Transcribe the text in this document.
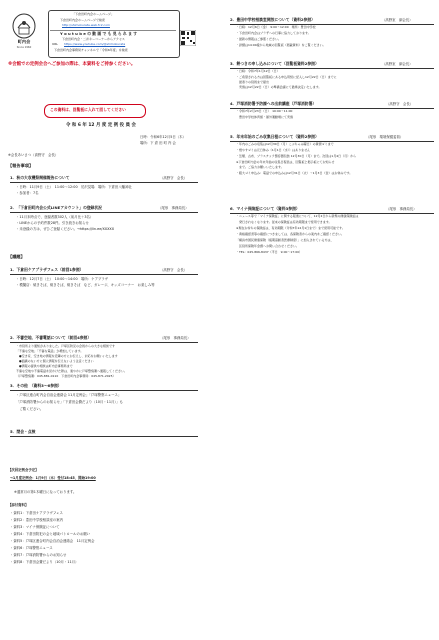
町内会
Since 1960
「下倉田町内会ホームページ」
下倉田町内会ホームページで検索
http://shimokurata.web.fc2.com
Y o u t u b e の 動 画 で も 見 ら れ ま す
下倉田町内会・二井キーコーナーからアクセス
URL https://www.youtube.com/@shimokurata
下倉田町内会事務局チャンネルで「令和6年度」を検索
※会館での定例会合へご参加の際は、本資料をご持参ください。
この資料は、回覧板に入れて回してください
令 和 6 年 12 月 度 定 例 役 員 会
日時：令和6年12月5日（木）
場所：下 倉 田 町 内 会
※会長あいさつ（高野守　会長）
【報告事項】
1．秋の大収穫祭開催報告について	（高野守　会長）
・日時：11月9日（土）　11:00〜12:00　於沢見場　場所：下倉田八幡神社
・参加者：7名
2．「下倉田町内会公式LINEアカウント」の登録状況	（尾形　事務局長）
・11月末時点で、登録者数302人（前月比＋3名）
・LINEからの予約件数28件。引き続きお知らせ
・未登録の方は、ぜひご登録ください。→https://lin.ee/XXXXX
【議題】
1．下倉田ケアプラザフェス（前回1参照）	（高野守　会長）
・日時：12月7日（土）　10:00〜14:00　場所：ケアプラザ
・模擬店：焼きそば、焼きそば、焼きそば　など、ガレージ、キッズコーナー　お楽しみ等
2．不審空地、不審電話について（前回4参照）	（尾形　事務局長）
・市役所より通知がありました。戸塚区防災の会員からの大きな相談です
「不審な空地」「不審な電話」が増加しています。
　●空き家、空き地の情報を近隣の方にお伝えし、対応をお願いいたします
　●面識のない方に個人情報を伝えないよう注意ください
　●情報の提供や相談は町内会事務局まで
不審な空地や不審電話を見かけた際は、速やかに戸塚警察署へ通報してください。
（戸塚警察署：045-881-0110　下倉田町内会事務局：045-871-2025）
3．その他　（資料3〜6参照）
・戸塚区連合町内会自治会連絡会 11月定例会」「戸塚警察ニュース」
「戸塚消防署からのお知らせ」「下倉田会費だより（10月・11月）」も
　ご覧ください。
5．閉会・点検
【次回定例会予定】
→1月度定例会：1月9日（木）受付18:45、開始19:00
※通常月の第1木曜日になっております。
【添付資料】
・資料1：下倉田ケアプラザフェス
・資料2：豊田中学校相談室の案内
・資料3：マイナ保険証について
・資料4：下倉田防犯の会と地域パトロールのお願い
・資料5：戸塚区連合町内会自治会連絡会　11月定例会
・資料6：戸塚警察ニュース
・資料7：戸塚消防署からのお知らせ
・資料8：下倉田会費だより（10月・11月）
2．豊田中学校相談室開放について（資料2参照）	（高野室　副会長）
・日時：12月6日（金）　9:00〜12:00　場所：豊田中学校
・下倉田町内会はプラザへの行事に協力しております。
・最新の情報はご参照ください。
・詳細は14:00後から地域の回覧板（掲載資料）をご覧ください。
3．餅つきの申し込みについて（回覧板資料2参照）	（高野室　副会長）
・日時：令和7年1月12日（日）
・ご希望される方は回覧板にある申込用紙に記入し12月22日（日）までに
　最寄りの役員まで提出
　実施は12月22日（日）の準備会議にて最終決定いたします。
4．戸塚消防署予防課への出前講座（戸塚消防署）	（高野守　会長）
・令和7年2月23日（日）　10:00〜11:00
　豊田中学校体育館・屋外運動場にて実施
5．年末年始のごみ収集日程について（資料2参照）	（尾形　環境保健委員）
・年内のごみの収集は12月30日（月）こぷちゃみ曜日）の資源ゴミまで
・燃やすゴミは元日休み（1月1日（水））はありません
・缶類、古布、プラスチック製容器包装 12月30日（月）まで。次回は1月4日（月）から
※下倉田町内会の年末年始の収集日程表は、回覧板と掲示板にてお知らせ
　まで。ご協力お願いいたします。
・粗大ゴミ申込み：電話での申込みは12月31日（火）〜1月3日（金）はお休みです。
6．マイナ保険証について（資料3参照）	（尾形　事務局長）
・ニュース等で「マイナ保険証」に関する報道について、12月2日から新規の健康保険証は
　発行されなくなります。従来の保険証は有効期限まで使用できます。
※現在お持ちの保険証は、有効期限（令和7年12月1日まで）まで使用可能です。
・資格確認書等の確認につきましては、各保険者からの案内をご確認ください。
「横浜市国民健康保険（後期高齢者医療制度）」に加入されている方は、
　区役所保険年金課へお問い合わせください。
・TEL：045-866-8437（平日　9:00〜17:00）
